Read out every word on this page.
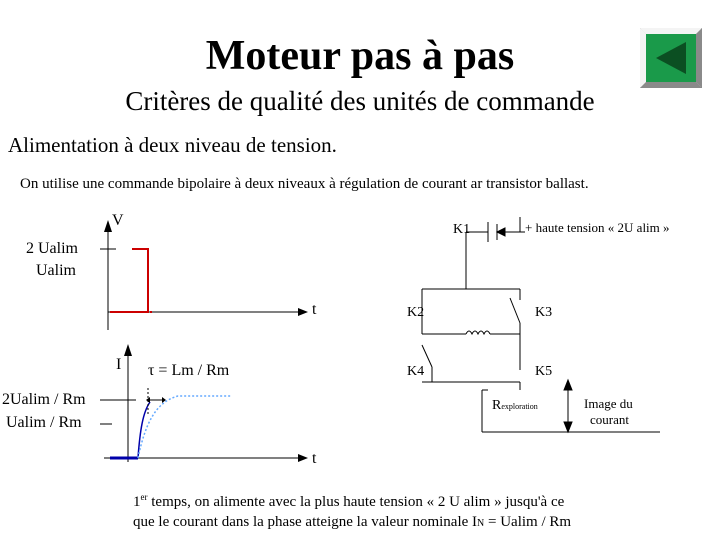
Moteur pas à pas
Critères de qualité des unités de commande
Alimentation à deux niveau de tension.
On utilise une commande bipolaire à deux niveaux à régulation de courant ar transistor ballast.
V
2 Ualim
Ualim
t
I τ = Lm / Rm
2Ualim / Rm
Ualim / Rm
t
K1	+ haute tension « 2U alim »
K2	K3
K4	K5
Rexploration	Image du
courant
1er temps, on alimente avec la plus haute tension « 2 U alim » jusqu'à ce
que le courant dans la phase atteigne la valeur nominale IN = Ualim / Rm
